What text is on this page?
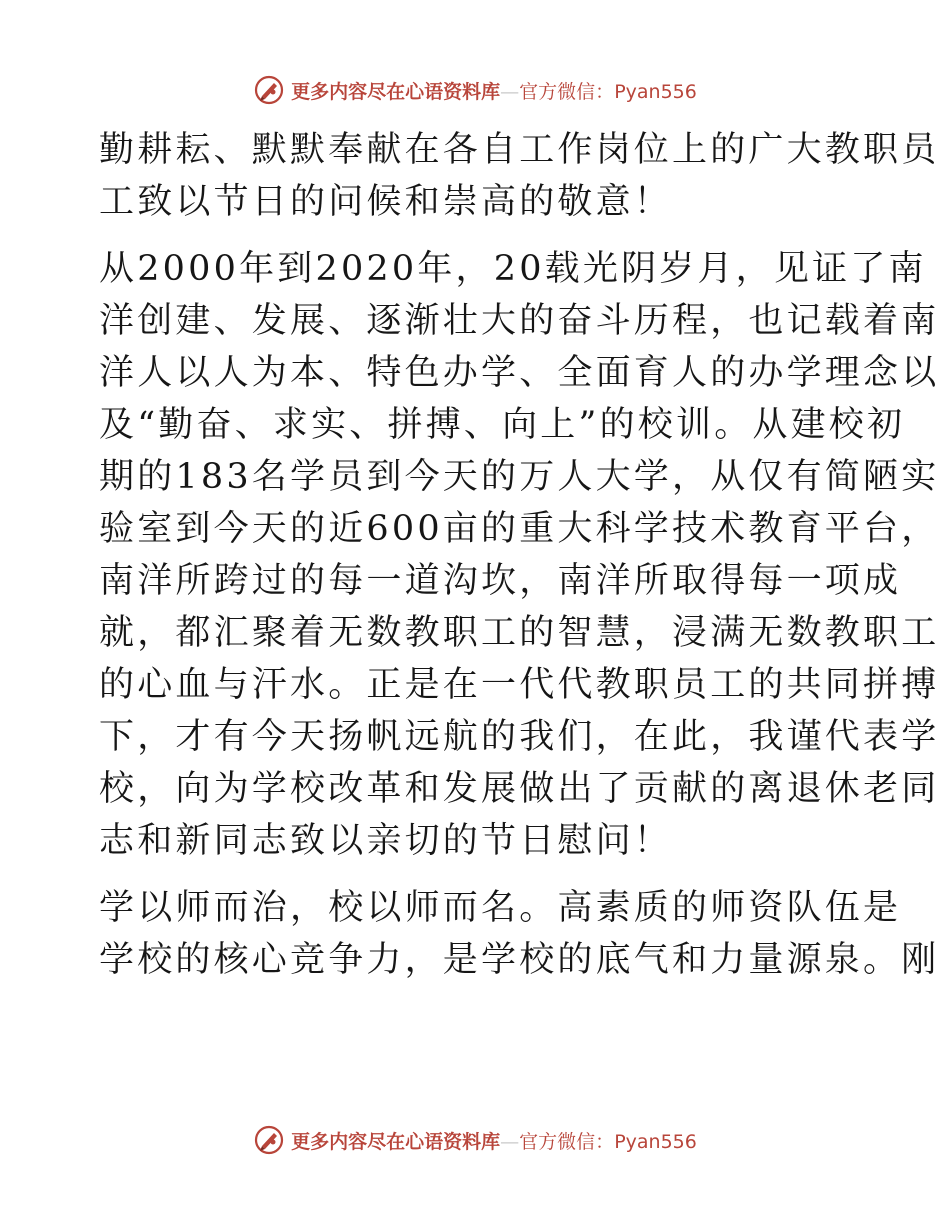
更多内容尽在心语资料库—官方微信：Pyan556
勤耕耘、默默奉献在各自工作岗位上的广大教职员
工致以节日的问候和崇高的敬意！
从2000年到2020年，20载光阴岁月，见证了南
洋创建、发展、逐渐壮大的奋斗历程，也记载着南
洋人以人为本、特色办学、全面育人的办学理念以
及“勤奋、求实、拼搏、向上”的校训。从建校初
期的183名学员到今天的万人大学，从仅有简陋实
验室到今天的近600亩的重大科学技术教育平台，
南洋所跨过的每一道沟坎，南洋所取得每一项成
就，都汇聚着无数教职工的智慧，浸满无数教职工
的心血与汗水。正是在一代代教职员工的共同拼搏
下，才有今天扬帆远航的我们，在此，我谨代表学
校，向为学校改革和发展做出了贡献的离退休老同
志和新同志致以亲切的节日慰问！
学以师而治，校以师而名。高素质的师资队伍是
学校的核心竞争力，是学校的底气和力量源泉。刚
更多内容尽在心语资料库—官方微信：Pyan556
